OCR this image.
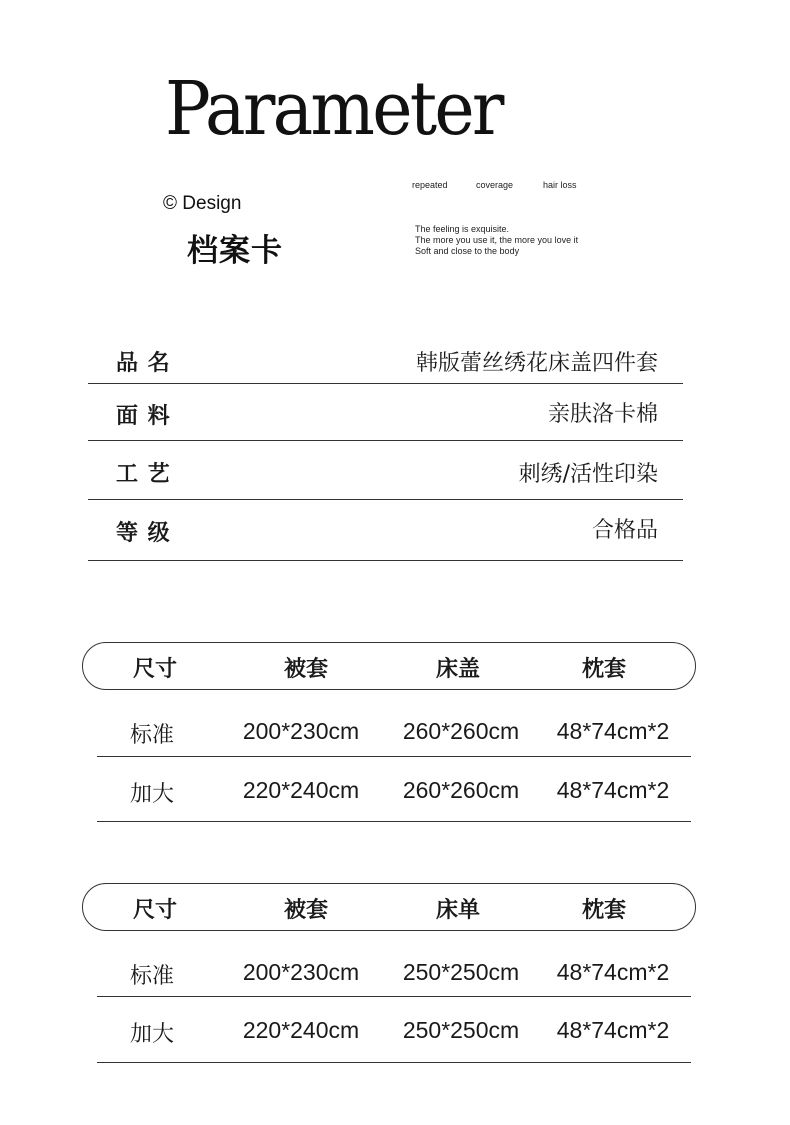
Parameter
© Design
档案卡
repeated	coverage	hair loss
The feeling is exquisite.
The more you use it, the more you love it
Soft and close to the body
品 名	韩版蕾丝绣花床盖四件套
面 料	亲肤洛卡棉
工 艺	刺绣/活性印染
等 级	合格品
尺寸	被套	床盖	枕套
标准	200*230cm 260*260cm 48*74cm*2
加大	220*240cm 260*260cm 48*74cm*2
尺寸	被套	床单	枕套
标准	200*230cm 250*250cm 48*74cm*2
加大	220*240cm 250*250cm 48*74cm*2
